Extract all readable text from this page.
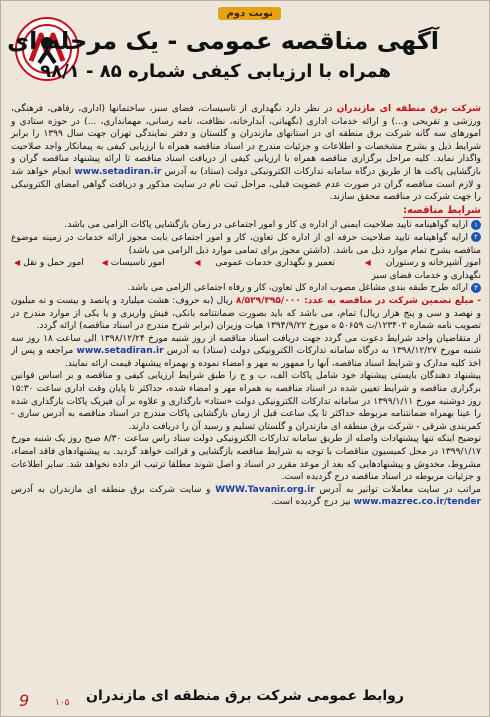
نوبت دوم
آگهی مناقصه عمومی - یک مرحله ای
همراه با ارزیابی کیفی شماره ۸۵ - ۹۸/۱

شرکت برق منطقه ای مازندران در نظر دارد نگهداری از تاسیسات، فضای سبز، ساختمانها (اداری، رفاهی، فرهنگی، ورزشی و تفریحی و...) و ارائه خدمات اداری (نگهبانی، آبدارخانه، نظافت، نامه رسانی، مهمانداری، ...) در حوزه ستادی و امورهای سه گانه شرکت برق منطقه ای در استانهای مازندران و گلستان و دفتر نمایندگی تهران جهت سال ۱۳۹۹ را برابر شرایط ذیل و بشرح مشخصات و اطلاعات و جزئیات مندرج در اسناد مناقصه همراه با ارزیابی کیفی به پیمانکار واجد صلاحیت واگذار نماید. کلیه مراحل برگزاری مناقصه همراه با ارزیابی کیفی از دریافت اسناد مناقصه تا ارائه پیشنهاد مناقصه گران و بازگشایی پاکت ها از طریق درگاه سامانه تدارکات الکترونیکی دولت (ستاد) به آدرس www.setadiran.ir انجام خواهد شد و لازم است مناقصه گران در صورت عدم عضویت قبلی، مراحل ثبت نام در سایت مذکور و دریافت گواهی امضای الکترونیکی را جهت شرکت در مناقصه محقق سازند.

شرایط مناقصه:

۱ارایه گواهینامه تایید صلاحیت ایمنی از اداره ی کار و امور اجتماعی در زمان بازگشایی پاکات الزامی می باشد.

۲ارایه گواهینامه تایید صلاحیت حرفه ای از اداره کل تعاون، کار و امور اجتماعی بابت مجوز ارائه خدمات در زمینه موضوع مناقصه بشرح تمام موارد ذیل می باشد. (داشتن مجوز برای تمامی موارد ذیل الزامی می باشد)

امور آشپزخانه و رستوران◀ تعمیر و نگهداری خدمات عمومی◀ امور تاسیسات◀ امور حمل و نقل◀ نگهداری و خدمات فضای سبز

۳ارائه طرح طبقه بندی مشاغل مصوب اداره کل تعاون، کار و رفاه اجتماعی الزامی می باشد.

- مبلغ تضمین شرکت در مناقصه به عدد: ۸/۵۲۹/۳۹۵/۰۰۰ ریال (به حروف: هشت میلیارد و پانصد و بیست و نه میلیون و نهصد و سی و پنج هزار ریال) تمام، می باشد که باید بصورت ضمانتنامه بانکی، فیش واریزی و یا یکی از موارد مندرج در تصویب نامه شماره ۱۲۳۴۰۲/ت ۵۰۶۵۹ ه مورخ ۱۳۹۴/۹/۲۲ هیات وزیران (برابر شرح مندرج در اسناد مناقصه) ارائه گردد.

از متقاضیان واجد شرایط دعوت می گردد جهت دریافت اسناد مناقصه از روز شنبه مورخ ۱۳۹۸/۱۲/۲۴ الی ساعت ۱۸ روز سه شنبه مورخ ۱۳۹۸/۱۲/۲۷ به درگاه سامانه تدارکات الکترونیکی دولت (ستاد) به آدرس www.setadiran.ir مراجعه و پس از اخذ کلیه مدارک و شرایط اسناد مناقصه، آنها را ممهور به مهر و امضاء نموده و بهمراه پیشنهاد قیمت ارائه نمایند.

پیشنهاد دهندگان بایستی پیشنهاد خود شامل پاکات الف، ب و ج را طبق شرایط ارزیابی کیفی و مناقصه و بر اساس قوانین برگزاری مناقصه و شرایط تعیین شده در اسناد مناقصه به همراه مهر و امضاء شده، حداکثر تا پایان وقت اداری ساعت ۱۵:۳۰ روز دوشنبه مورخ ۱۳۹۹/۱/۱۱ در سامانه تدارکات الکترونیکی دولت «ستاد» بارگذاری و علاوه بر آن فیزیک پاکات بارگذاری شده را عینا بهمراه ضمانتنامه مربوطه حداکثر تا یک ساعت قبل از زمان بازگشایی پاکات مندرج در اسناد مناقصه به آدرس ساری - کمربندی شرقی - شرکت برق منطقه ای مازندران و گلستان تسلیم و رسید آن را دریافت دارند.

توضیح اینکه تنها پیشنهادات واصله از طریق سامانه تدارکات الکترونیکی دولت ستاد راس ساعت ۸/۳۰ صبح روز یک شنبه مورخ ۱۳۹۹/۱/۱۷ در محل کمیسیون مناقصات با توجه به شرایط مناقصه بازگشایی و قرائت خواهد گردید. به پیشنهادهای فاقد امضاء، مشروط، مخدوش و پیشنهادهایی که بعد از موعد مقرر در اسناد و اصل شوند مطلقا ترتیب اثر داده نخواهد شد. سایر اطلاعات و جزئیات مربوطه در اسناد مناقصه درج گردیده است.

مراتب در سایت معاملات توانیر به آدرس WWW.Tavanir.org.ir و سایت شرکت برق منطقه ای مازندران به آدرس www.mazrec.co.ir/tender نیز درج گردیده است.

روابط عمومی شرکت برق منطقه ای مازندران
۱۰۵
9
